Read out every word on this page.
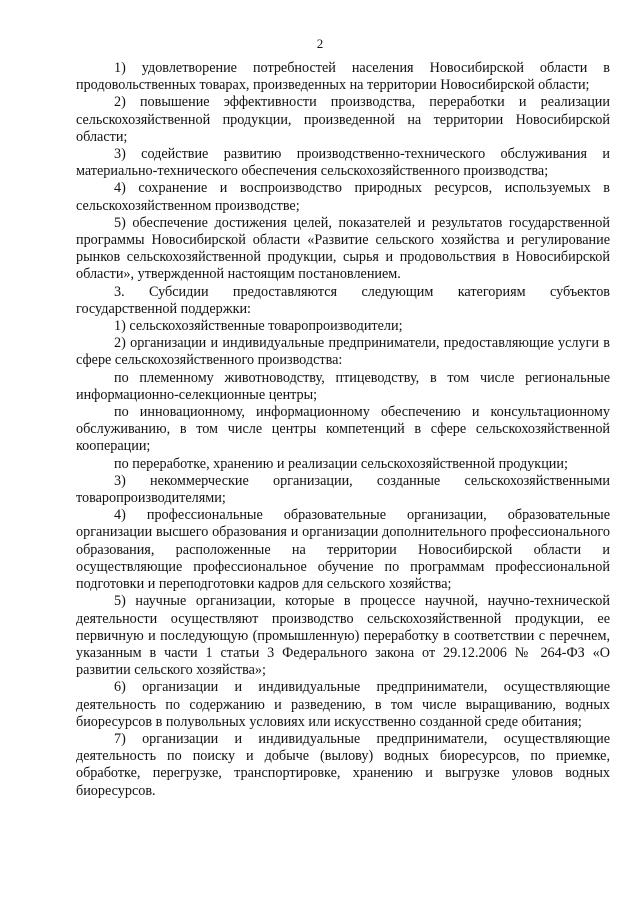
2

1) удовлетворение потребностей населения Новосибирской области в продовольственных товарах, произведенных на территории Новосибирской области;

2) повышение эффективности производства, переработки и реализации сельскохозяйственной продукции, произведенной на территории Новосибирской области;

3) содействие развитию производственно-технического обслуживания и материально-технического обеспечения сельскохозяйственного производства;

4) сохранение и воспроизводство природных ресурсов, используемых в сельскохозяйственном производстве;

5) обеспечение достижения целей, показателей и результатов государственной программы Новосибирской области «Развитие сельского хозяйства и регулирование рынков сельскохозяйственной продукции, сырья и продовольствия в Новосибирской области», утвержденной настоящим постановлением.

3. Субсидии предоставляются следующим категориям субъектов государственной поддержки:

1) сельскохозяйственные товаропроизводители;

2) организации и индивидуальные предприниматели, предоставляющие услуги в сфере сельскохозяйственного производства:

по племенному животноводству, птицеводству, в том числе региональные информационно-селекционные центры;

по инновационному, информационному обеспечению и консультационному обслуживанию, в том числе центры компетенций в сфере сельскохозяйственной кооперации;

по переработке, хранению и реализации сельскохозяйственной продукции;

3) некоммерческие организации, созданные сельскохозяйственными товаропроизводителями;

4) профессиональные образовательные организации, образовательные организации высшего образования и организации дополнительного профессионального образования, расположенные на территории Новосибирской области и осуществляющие профессиональное обучение по программам профессиональной подготовки и переподготовки кадров для сельского хозяйства;

5) научные организации, которые в процессе научной, научно-технической деятельности осуществляют производство сельскохозяйственной продукции, ее первичную и последующую (промышленную) переработку в соответствии с перечнем, указанным в части 1 статьи 3 Федерального закона от 29.12.2006 № 264-ФЗ «О развитии сельского хозяйства»;

6) организации и индивидуальные предприниматели, осуществляющие деятельность по содержанию и разведению, в том числе выращиванию, водных биоресурсов в полувольных условиях или искусственно созданной среде обитания;

7) организации и индивидуальные предприниматели, осуществляющие деятельность по поиску и добыче (вылову) водных биоресурсов, по приемке, обработке, перегрузке, транспортировке, хранению и выгрузке уловов водных биоресурсов.
